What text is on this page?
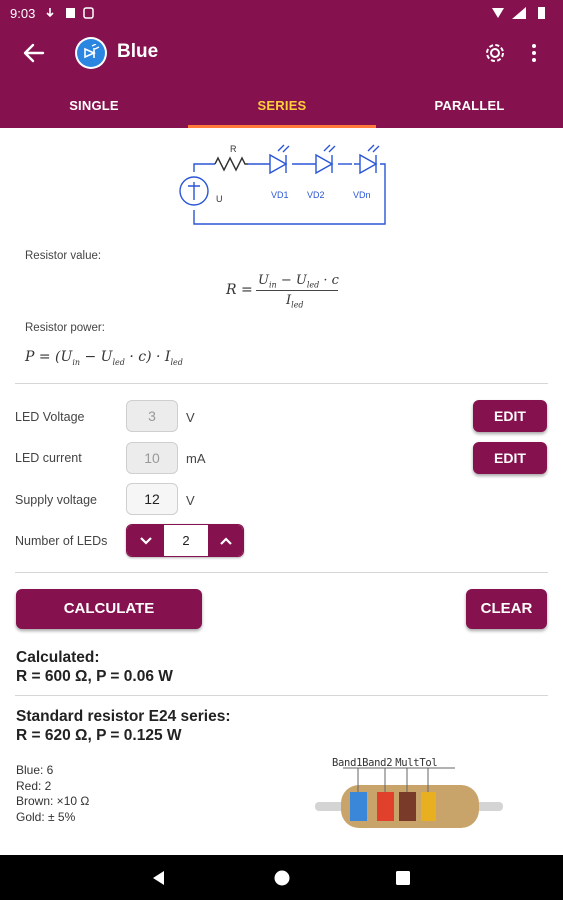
9:03
Blue
SINGLE	SERIES	PARALLEL
R
U	VD1 VD2	VDn
Resistor value:
R =
$U_{in} - U_{led} \cdot c$
$I_{led}$
Resistor power:
$P = (U_{in} - U_{led} \cdot c) \cdot I_{led}$
LED Voltage	3	V	EDIT
LED current	10	mA	EDIT
Supply voltage	12	V
Number of LEDs	2
CALCULATE	CLEAR
Calculated:
R = 600 Ω, P = 0.06 W
Standard resistor E24 series:
R = 620 Ω, P = 0.125 W
Blue: 6
Red: 2
Brown: ×10 Ω
Gold: ± 5%
Band1Band2 MultTol
